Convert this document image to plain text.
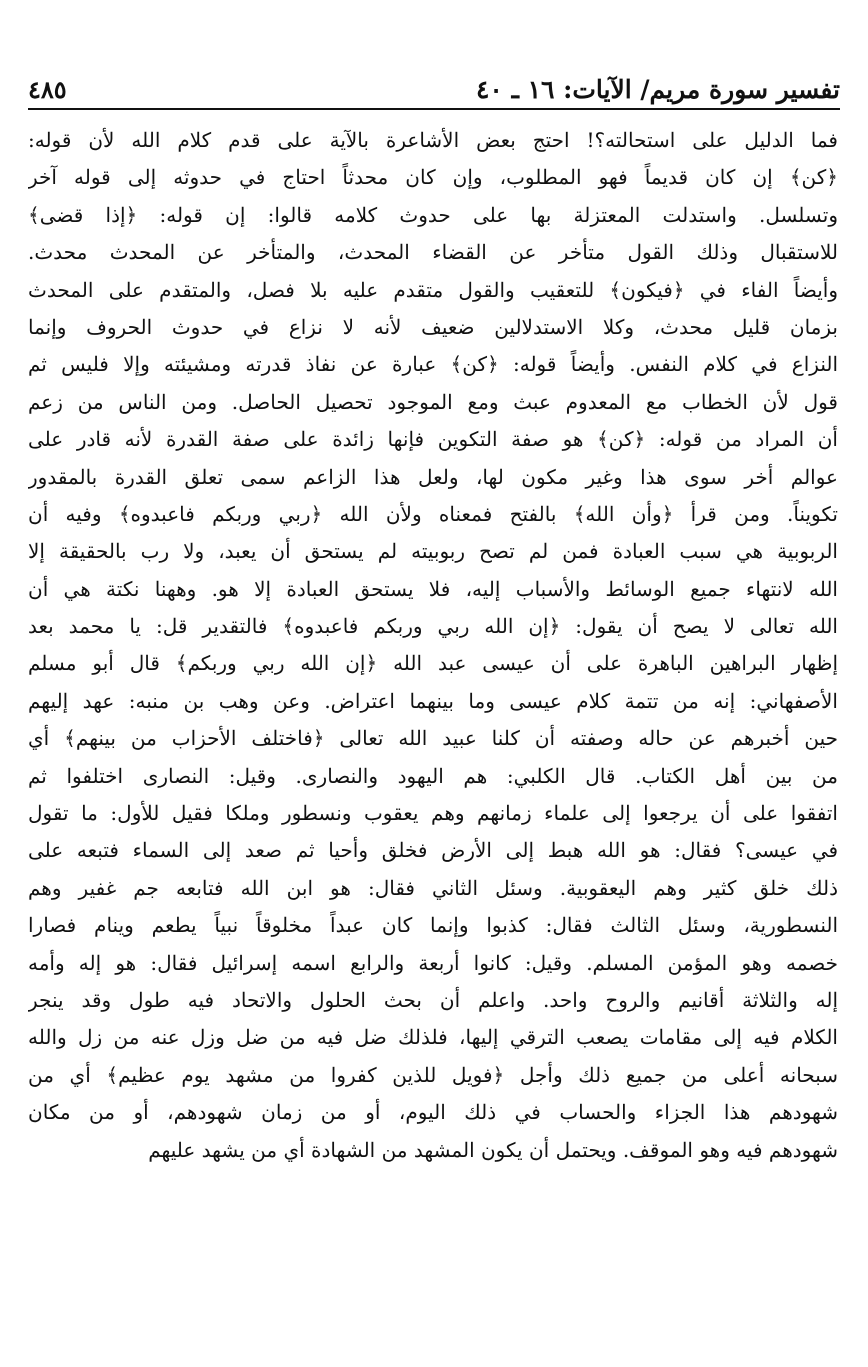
تفسير سورة مريم/ الآيات: ١٦ ـ ٤٠
٤٨٥
فما الدليل على استحالته؟! احتج بعض الأشاعرة بالآية على قدم كلام الله لأن قوله:
﴿كن﴾ إن كان قديماً فهو المطلوب، وإن كان محدثاً احتاج في حدوثه إلى قوله آخر
وتسلسل. واستدلت المعتزلة بها على حدوث كلامه قالوا: إن قوله: ﴿إذا قضى﴾
للاستقبال وذلك القول متأخر عن القضاء المحدث، والمتأخر عن المحدث محدث.
وأيضاً الفاء في ﴿فيكون﴾ للتعقيب والقول متقدم عليه بلا فصل، والمتقدم على المحدث
بزمان قليل محدث، وكلا الاستدلالين ضعيف لأنه لا نزاع في حدوث الحروف وإنما
النزاع في كلام النفس. وأيضاً قوله: ﴿كن﴾ عبارة عن نفاذ قدرته ومشيئته وإلا فليس ثم
قول لأن الخطاب مع المعدوم عبث ومع الموجود تحصيل الحاصل. ومن الناس من زعم
أن المراد من قوله: ﴿كن﴾ هو صفة التكوين فإنها زائدة على صفة القدرة لأنه قادر على
عوالم أخر سوى هذا وغير مكون لها، ولعل هذا الزاعم سمى تعلق القدرة بالمقدور
تكويناً. ومن قرأ ﴿وأن الله﴾ بالفتح فمعناه ولأن الله ﴿ربي وربكم فاعبدوه﴾ وفيه أن
الربوبية هي سبب العبادة فمن لم تصح ربوبيته لم يستحق أن يعبد، ولا رب بالحقيقة إلا
الله لانتهاء جميع الوسائط والأسباب إليه، فلا يستحق العبادة إلا هو. وههنا نكتة هي أن
الله تعالى لا يصح أن يقول: ﴿إن الله ربي وربكم فاعبدوه﴾ فالتقدير قل: يا محمد بعد
إظهار البراهين الباهرة على أن عيسى عبد الله ﴿إن الله ربي وربكم﴾ قال أبو مسلم
الأصفهاني: إنه من تتمة كلام عيسى وما بينهما اعتراض. وعن وهب بن منبه: عهد إليهم
حين أخبرهم عن حاله وصفته أن كلنا عبيد الله تعالى ﴿فاختلف الأحزاب من بينهم﴾ أي
من بين أهل الكتاب. قال الكلبي: هم اليهود والنصارى. وقيل: النصارى اختلفوا ثم
اتفقوا على أن يرجعوا إلى علماء زمانهم وهم يعقوب ونسطور وملكا فقيل للأول: ما تقول
في عيسى؟ فقال: هو الله هبط إلى الأرض فخلق وأحيا ثم صعد إلى السماء فتبعه على
ذلك خلق كثير وهم اليعقوبية. وسئل الثاني فقال: هو ابن الله فتابعه جم غفير وهم
النسطورية، وسئل الثالث فقال: كذبوا وإنما كان عبداً مخلوقاً نبياً يطعم وينام فصارا
خصمه وهو المؤمن المسلم. وقيل: كانوا أربعة والرابع اسمه إسرائيل فقال: هو إله وأمه
إله والثلاثة أقانيم والروح واحد. واعلم أن بحث الحلول والاتحاد فيه طول وقد ينجر
الكلام فيه إلى مقامات يصعب الترقي إليها، فلذلك ضل فيه من ضل وزل عنه من زل والله
سبحانه أعلى من جميع ذلك وأجل ﴿فويل للذين كفروا من مشهد يوم عظيم﴾ أي من
شهودهم هذا الجزاء والحساب في ذلك اليوم، أو من زمان شهودهم، أو من مكان
شهودهم فيه وهو الموقف. ويحتمل أن يكون المشهد من الشهادة أي من يشهد عليهم
